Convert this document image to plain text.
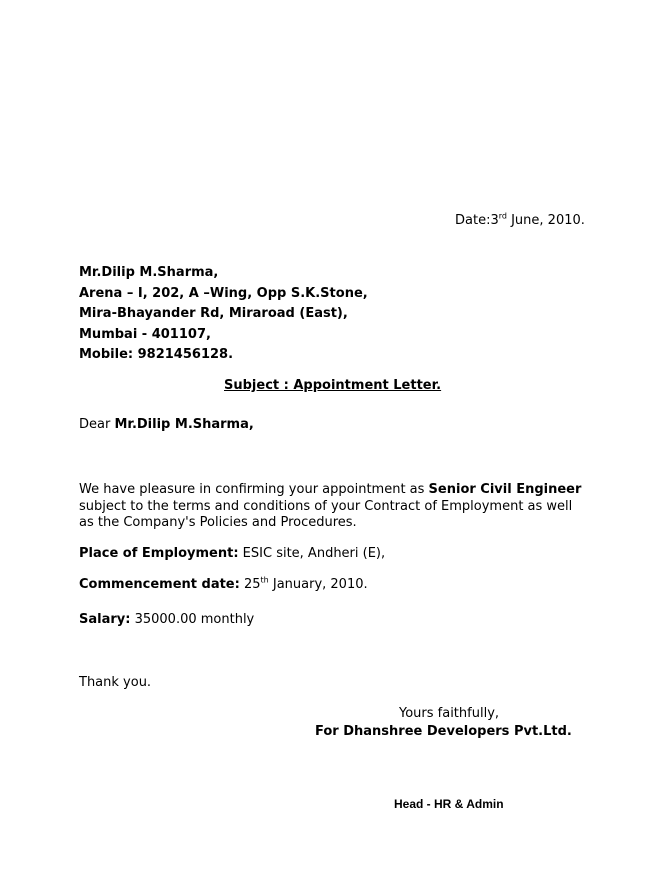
Date:3rd June, 2010.
Mr.Dilip M.Sharma,
Arena – I, 202, A –Wing, Opp S.K.Stone,
Mira-Bhayander Rd, Miraroad (East),
Mumbai - 401107,
Mobile: 9821456128.
Subject : Appointment Letter.
Dear Mr.Dilip M.Sharma,
We have pleasure in confirming your appointment as Senior Civil Engineer
subject to the terms and conditions of your Contract of Employment as well
as the Company's Policies and Procedures.
Place of Employment: ESIC site, Andheri (E),
Commencement date: 25th January, 2010.
Salary: 35000.00 monthly
Thank you.
Yours faithfully,
For Dhanshree Developers Pvt.Ltd.
Head - HR & Admin
